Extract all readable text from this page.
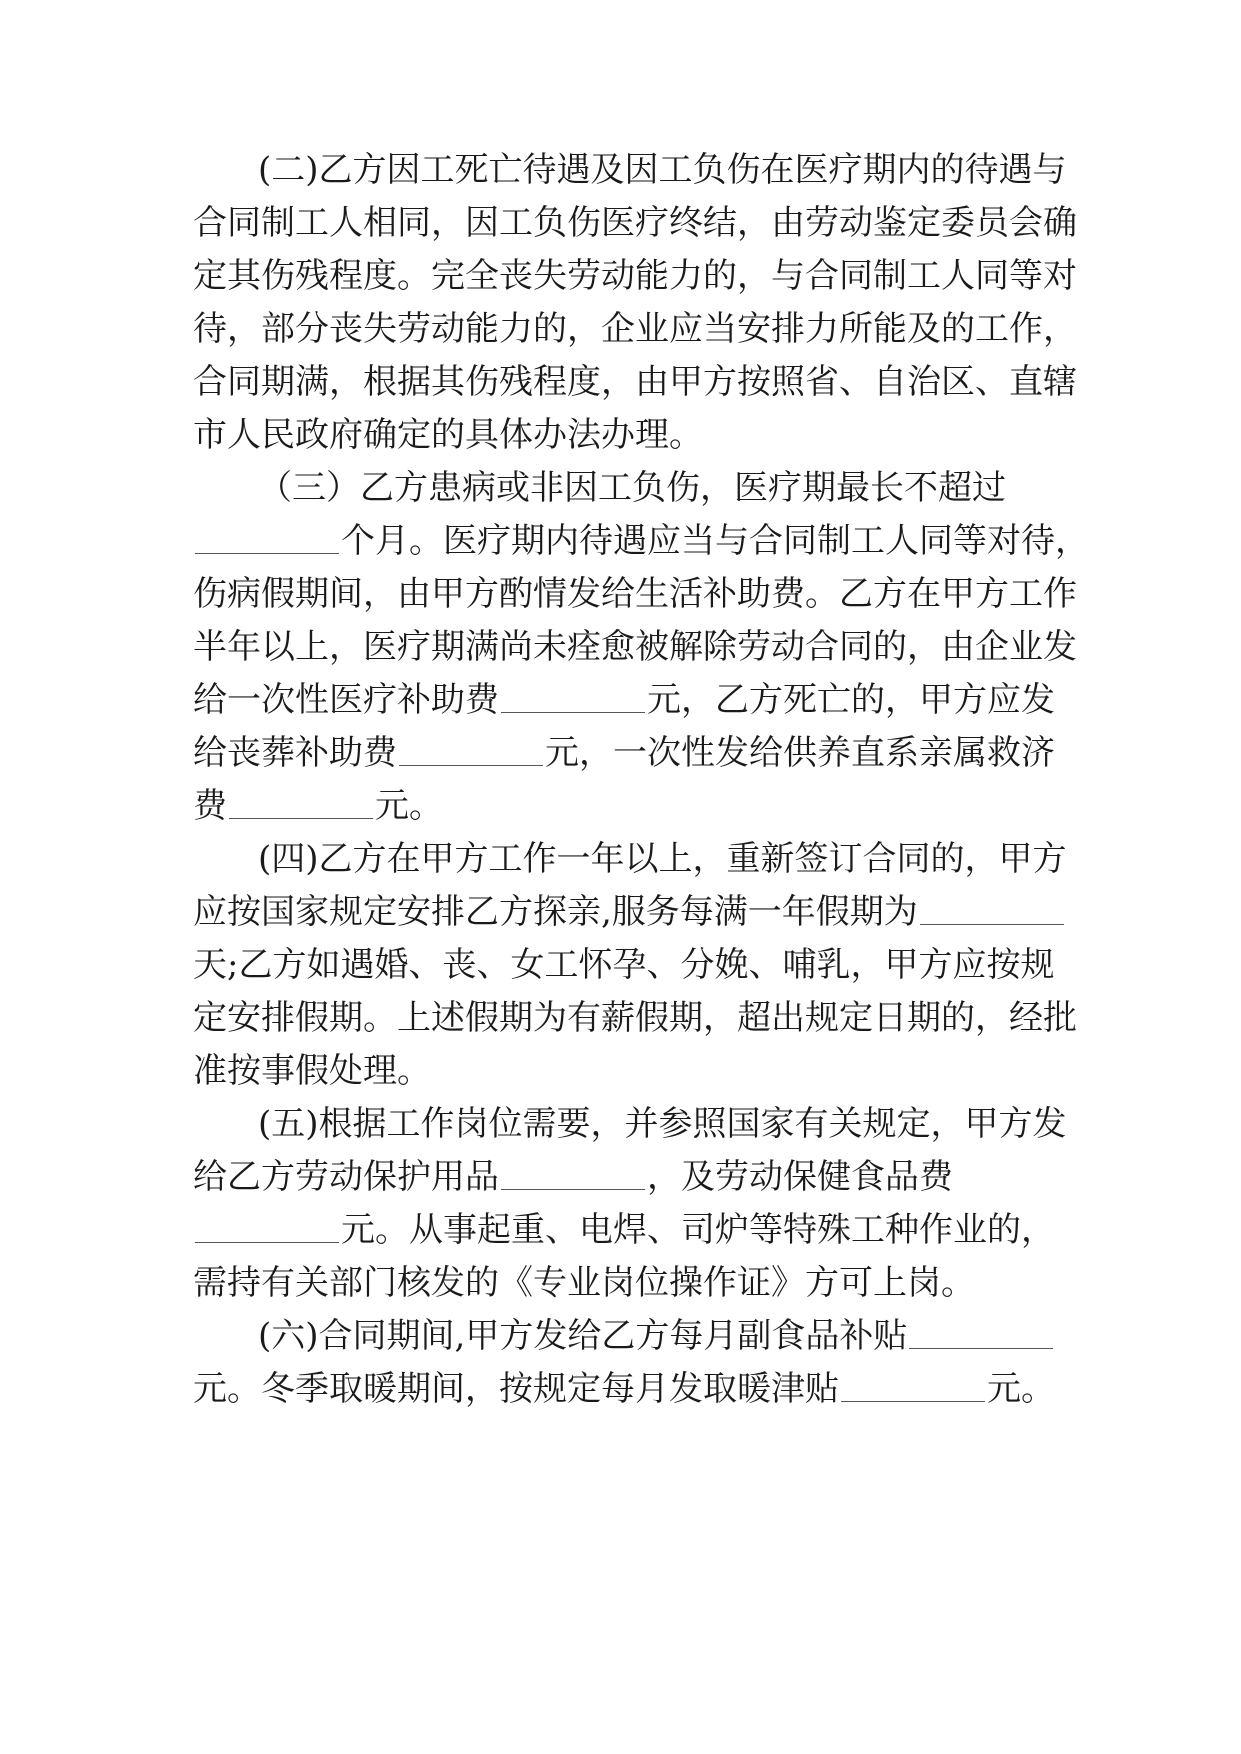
(二)乙方因工死亡待遇及因工负伤在医疗期内的待遇与
合同制工人相同，因工负伤医疗终结，由劳动鉴定委员会确
定其伤残程度。完全丧失劳动能力的，与合同制工人同等对
待，部分丧失劳动能力的，企业应当安排力所能及的工作，
合同期满，根据其伤残程度，由甲方按照省、自治区、直辖
市人民政府确定的具体办法办理。
（三）乙方患病或非因工负伤，医疗期最长不超过
个月。医疗期内待遇应当与合同制工人同等对待，
伤病假期间，由甲方酌情发给生活补助费。乙方在甲方工作
半年以上，医疗期满尚未痊愈被解除劳动合同的，由企业发
给一次性医疗补助费	元，乙方死亡的，甲方应发
给丧葬补助费	元，一次性发给供养直系亲属救济
费	元。
(四)乙方在甲方工作一年以上，重新签订合同的，甲方
应按国家规定安排乙方探亲,服务每满一年假期为
天;乙方如遇婚、丧、女工怀孕、分娩、哺乳，甲方应按规
定安排假期。上述假期为有薪假期，超出规定日期的，经批
准按事假处理。
(五)根据工作岗位需要，并参照国家有关规定，甲方发
给乙方劳动保护用品	，及劳动保健食品费
元。从事起重、电焊、司炉等特殊工种作业的，
需持有关部门核发的《专业岗位操作证》方可上岗。
(六)合同期间,甲方发给乙方每月副食品补贴
元。冬季取暖期间，按规定每月发取暖津贴	元。
